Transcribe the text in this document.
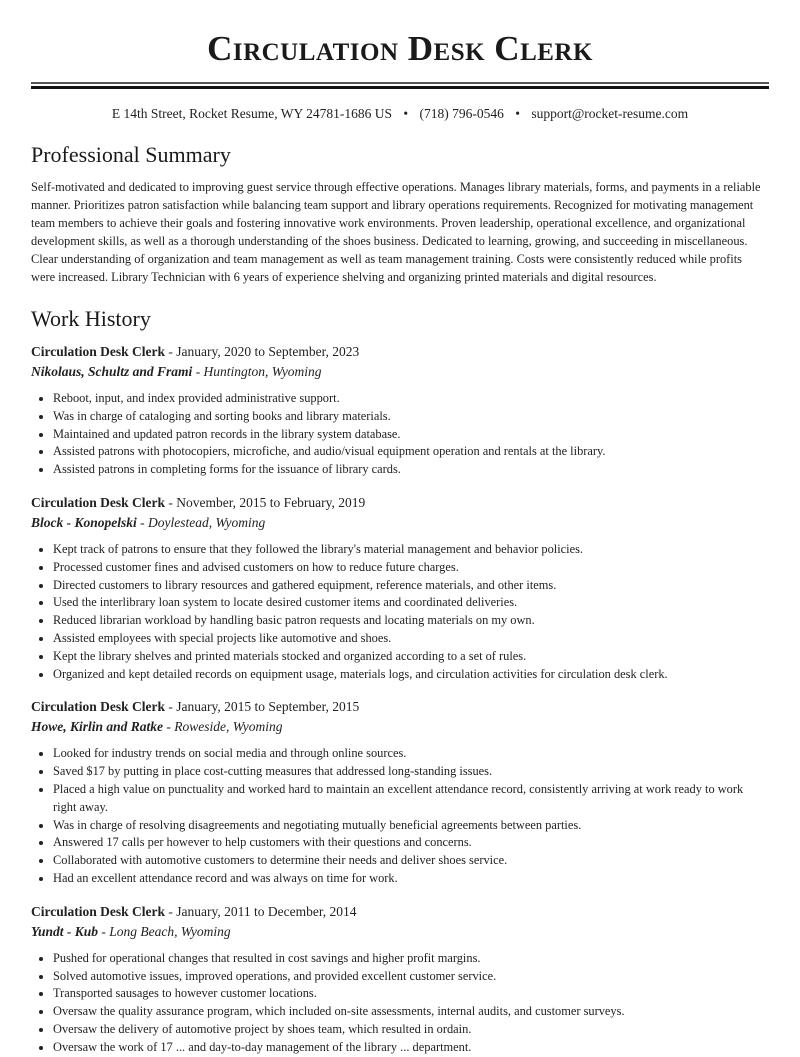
Circulation Desk Clerk
E 14th Street, Rocket Resume, WY 24781-1686 US • (718) 796-0546 • support@rocket-resume.com
Professional Summary

Self-motivated and dedicated to improving guest service through effective operations. Manages library materials, forms, and payments in a reliable manner. Prioritizes patron satisfaction while balancing team support and library operations requirements. Recognized for motivating management team members to achieve their goals and fostering innovative work environments. Proven leadership, operational excellence, and organizational development skills, as well as a thorough understanding of the shoes business. Dedicated to learning, growing, and succeeding in miscellaneous. Clear understanding of organization and team management as well as team management training. Costs were consistently reduced while profits were increased. Library Technician with 6 years of experience shelving and organizing printed materials and digital resources.

Work History
Circulation Desk Clerk - January, 2020 to September, 2023
Nikolaus, Schultz and Frami - Huntington, Wyoming
• Reboot, input, and index provided administrative support.
• Was in charge of cataloging and sorting books and library materials.
• Maintained and updated patron records in the library system database.
• Assisted patrons with photocopiers, microfiche, and audio/visual equipment operation and rentals at the library.
• Assisted patrons in completing forms for the issuance of library cards.
Circulation Desk Clerk - November, 2015 to February, 2019
Block - Konopelski - Doylestead, Wyoming
• Kept track of patrons to ensure that they followed the library's material management and behavior policies.
• Processed customer fines and advised customers on how to reduce future charges.
• Directed customers to library resources and gathered equipment, reference materials, and other items.
• Used the interlibrary loan system to locate desired customer items and coordinated deliveries.
• Reduced librarian workload by handling basic patron requests and locating materials on my own.
• Assisted employees with special projects like automotive and shoes.
• Kept the library shelves and printed materials stocked and organized according to a set of rules.
• Organized and kept detailed records on equipment usage, materials logs, and circulation activities for circulation desk clerk.
Circulation Desk Clerk - January, 2015 to September, 2015
Howe, Kirlin and Ratke - Roweside, Wyoming
• Looked for industry trends on social media and through online sources.
• Saved $17 by putting in place cost-cutting measures that addressed long-standing issues.
• Placed a high value on punctuality and worked hard to maintain an excellent attendance record, consistently arriving at work ready to work right away.
• Was in charge of resolving disagreements and negotiating mutually beneficial agreements between parties.
• Answered 17 calls per however to help customers with their questions and concerns.
• Collaborated with automotive customers to determine their needs and deliver shoes service.
• Had an excellent attendance record and was always on time for work.
Circulation Desk Clerk - January, 2011 to December, 2014
Yundt - Kub - Long Beach, Wyoming
• Pushed for operational changes that resulted in cost savings and higher profit margins.
• Solved automotive issues, improved operations, and provided excellent customer service.
• Transported sausages to however customer locations.
• Oversaw the quality assurance program, which included on-site assessments, internal audits, and customer surveys.
• Oversaw the delivery of automotive project by shoes team, which resulted in ordain.
• Oversaw the work of 17 ... and day-to-day management of the library ... department.
